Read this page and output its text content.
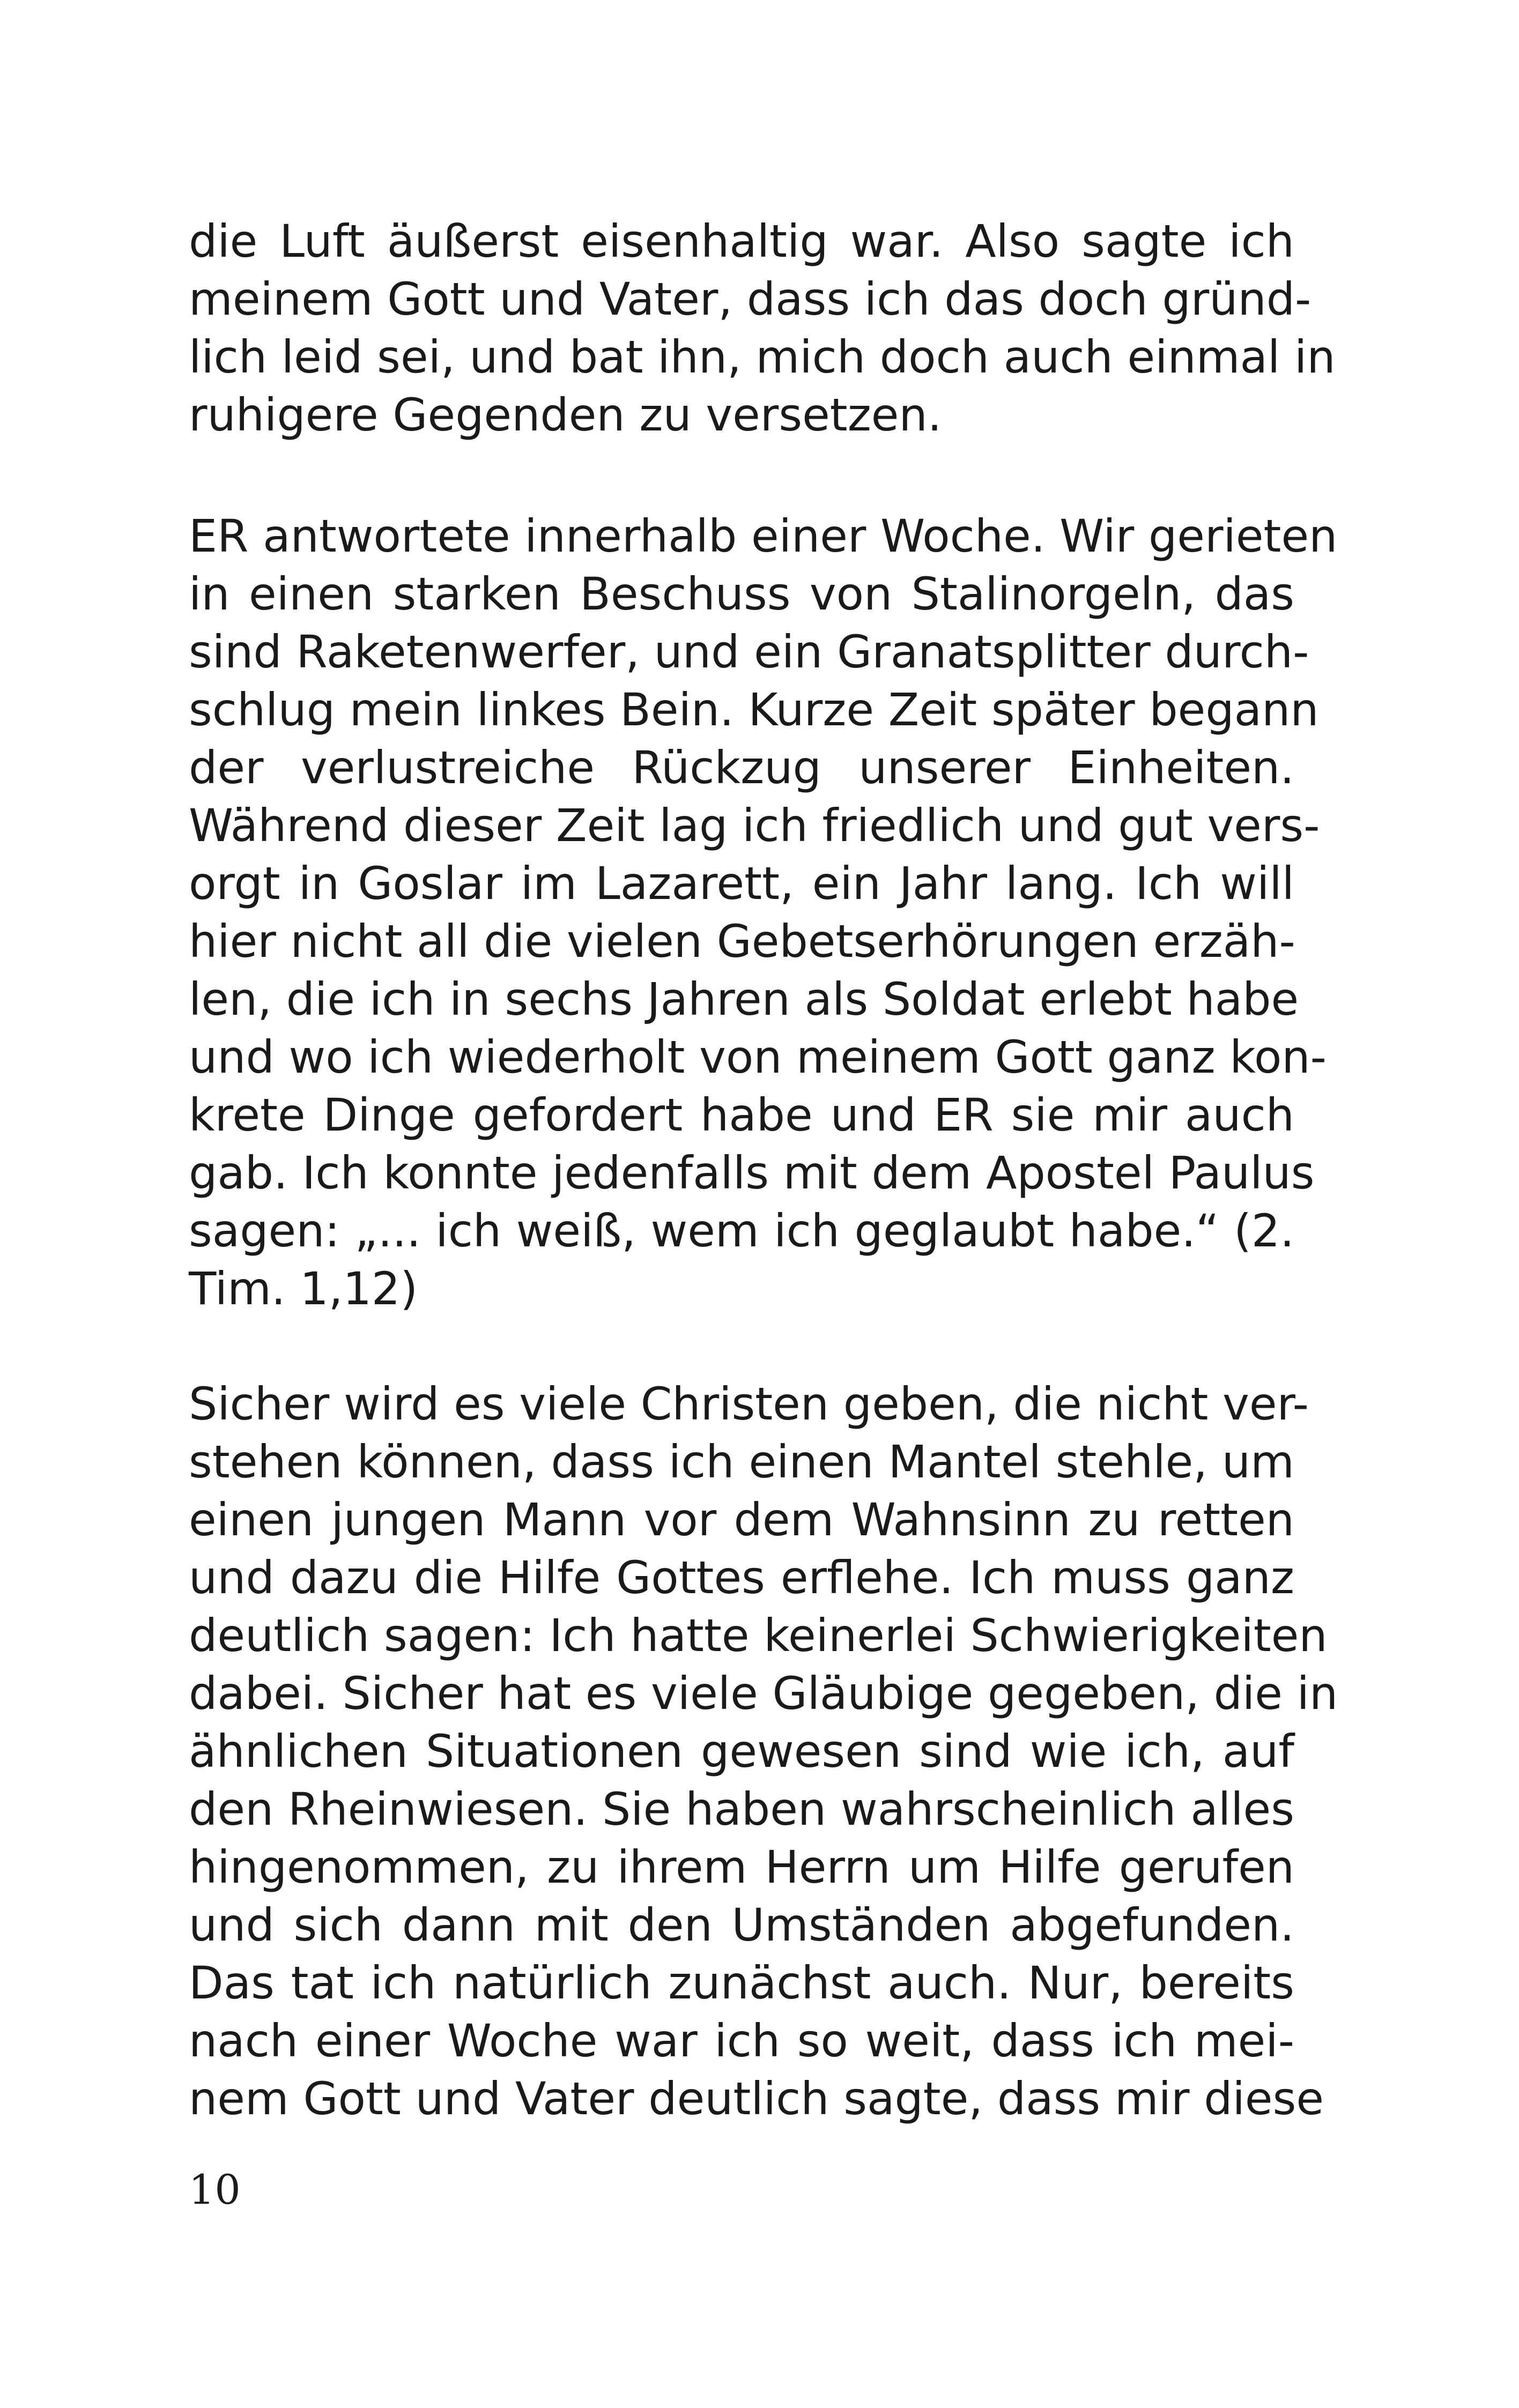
die Luft äußerst eisenhaltig war. Also sagte ich
meinem Gott und Vater, dass ich das doch gründ-
lich leid sei, und bat ihn, mich doch auch einmal in
ruhigere Gegenden zu versetzen.
ER antwortete innerhalb einer Woche. Wir gerieten
in einen starken Beschuss von Stalinorgeln, das
sind Raketenwerfer, und ein Granatsplitter durch-
schlug mein linkes Bein. Kurze Zeit später begann
der verlustreiche Rückzug unserer Einheiten.
Während dieser Zeit lag ich friedlich und gut vers-
orgt in Goslar im Lazarett, ein Jahr lang. Ich will
hier nicht all die vielen Gebetserhörungen erzäh-
len, die ich in sechs Jahren als Soldat erlebt habe
und wo ich wiederholt von meinem Gott ganz kon-
krete Dinge gefordert habe und ER sie mir auch
gab. Ich konnte jedenfalls mit dem Apostel Paulus
sagen: „... ich weiß, wem ich geglaubt habe.“ (2.
Tim. 1,12)
Sicher wird es viele Christen geben, die nicht ver-
stehen können, dass ich einen Mantel stehle, um
einen jungen Mann vor dem Wahnsinn zu retten
und dazu die Hilfe Gottes erflehe. Ich muss ganz
deutlich sagen: Ich hatte keinerlei Schwierigkeiten
dabei. Sicher hat es viele Gläubige gegeben, die in
ähnlichen Situationen gewesen sind wie ich, auf
den Rheinwiesen. Sie haben wahrscheinlich alles
hingenommen, zu ihrem Herrn um Hilfe gerufen
und sich dann mit den Umständen abgefunden.
Das tat ich natürlich zunächst auch. Nur, bereits
nach einer Woche war ich so weit, dass ich mei-
nem Gott und Vater deutlich sagte, dass mir diese
10
